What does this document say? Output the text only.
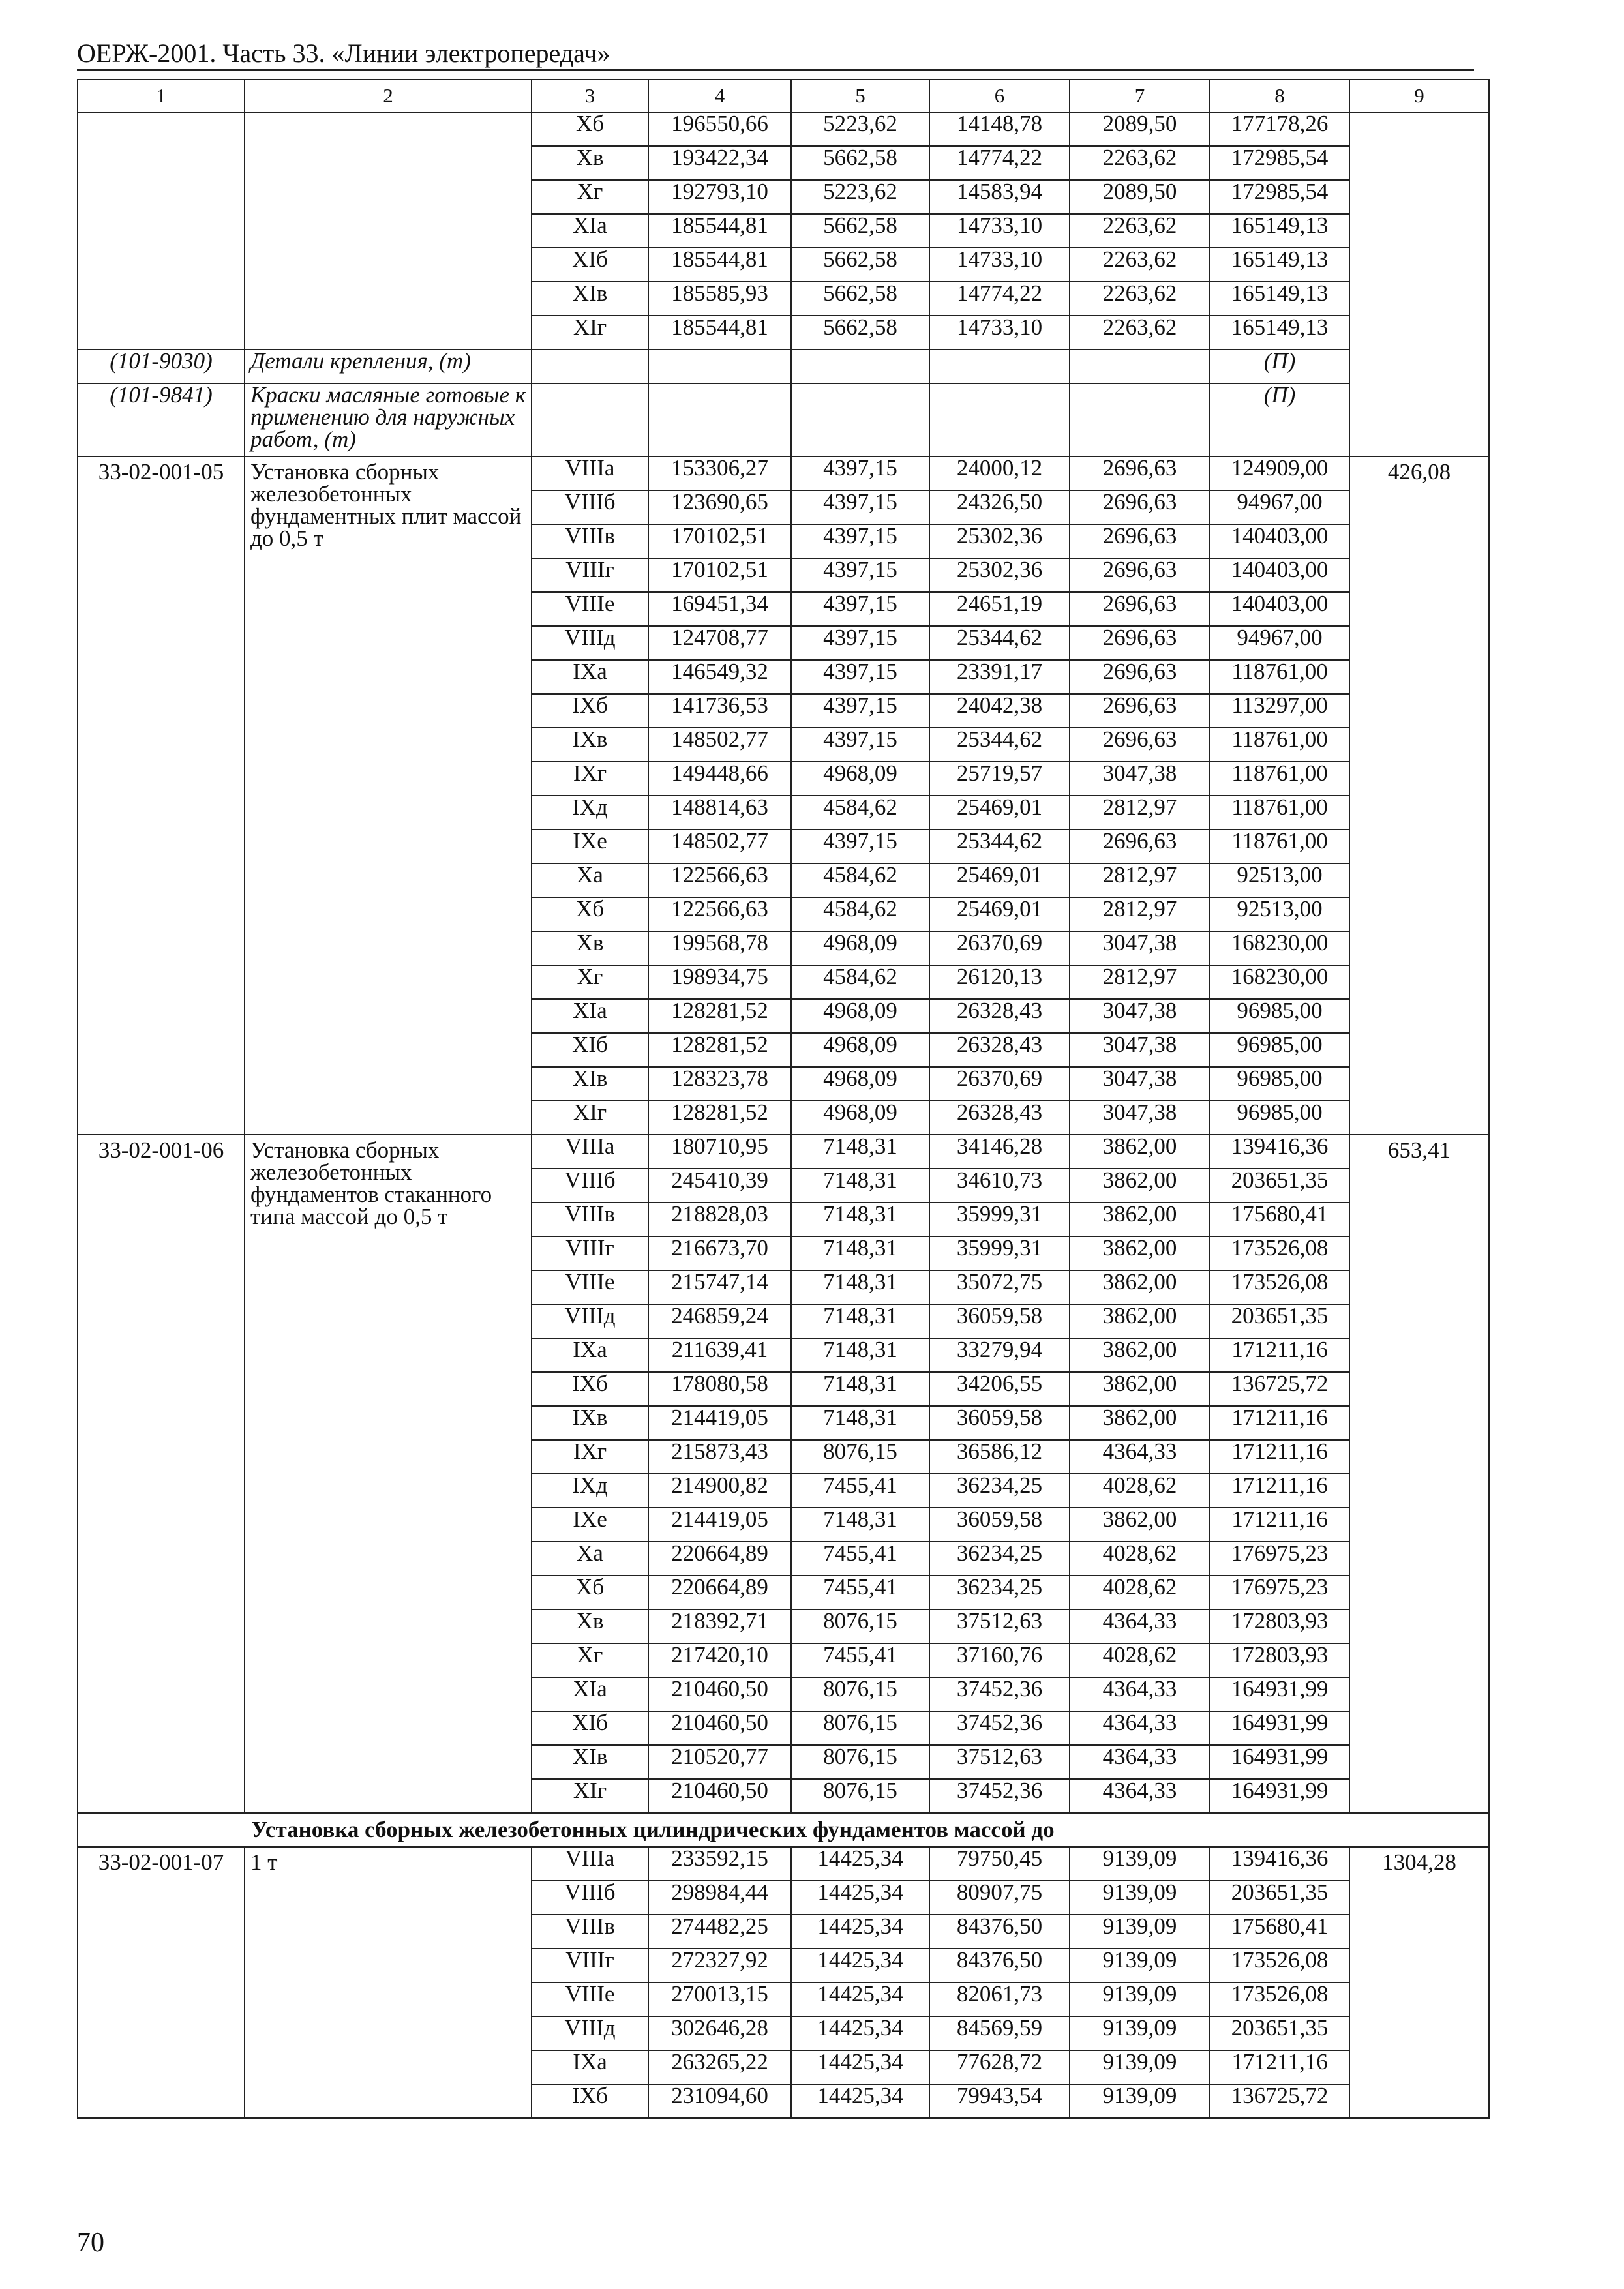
ОЕРЖ-2001. Часть 33. «Линии электропередач»
1	2	3	4	5	6	7	8	9
		Xб	196550,66	5223,62	14148,78	2089,50	177178,26	
		Xв	193422,34	5662,58	14774,22	2263,62	172985,54	
		Xг	192793,10	5223,62	14583,94	2089,50	172985,54	
		XIа	185544,81	5662,58	14733,10	2263,62	165149,13	
		XIб	185544,81	5662,58	14733,10	2263,62	165149,13	
		XIв	185585,93	5662,58	14774,22	2263,62	165149,13	
		XIг	185544,81	5662,58	14733,10	2263,62	165149,13	
(101-9030)	Детали крепления, (т)						(П)	
(101-9841)	Краски масляные готовые к применению для наружных работ, (т)						(П)	
33-02-001-05	Установка сборных железобетонных фундаментных плит массой до 0,5 т	VIIIа	153306,27	4397,15	24000,12	2696,63	124909,00	426,08
		VIIIб	123690,65	4397,15	24326,50	2696,63	94967,00	
		VIIIв	170102,51	4397,15	25302,36	2696,63	140403,00	
		VIIIг	170102,51	4397,15	25302,36	2696,63	140403,00	
		VIIIе	169451,34	4397,15	24651,19	2696,63	140403,00	
		VIIIд	124708,77	4397,15	25344,62	2696,63	94967,00	
		IXа	146549,32	4397,15	23391,17	2696,63	118761,00	
		IXб	141736,53	4397,15	24042,38	2696,63	113297,00	
		IXв	148502,77	4397,15	25344,62	2696,63	118761,00	
		IXг	149448,66	4968,09	25719,57	3047,38	118761,00	
		IXд	148814,63	4584,62	25469,01	2812,97	118761,00	
		IXе	148502,77	4397,15	25344,62	2696,63	118761,00	
		Xа	122566,63	4584,62	25469,01	2812,97	92513,00	
		Xб	122566,63	4584,62	25469,01	2812,97	92513,00	
		Xв	199568,78	4968,09	26370,69	3047,38	168230,00	
		Xг	198934,75	4584,62	26120,13	2812,97	168230,00	
		XIа	128281,52	4968,09	26328,43	3047,38	96985,00	
		XIб	128281,52	4968,09	26328,43	3047,38	96985,00	
		XIв	128323,78	4968,09	26370,69	3047,38	96985,00	
		XIг	128281,52	4968,09	26328,43	3047,38	96985,00	
33-02-001-06	Установка сборных железобетонных фундаментов стаканного типа массой до 0,5 т	VIIIа	180710,95	7148,31	34146,28	3862,00	139416,36	653,41
		VIIIб	245410,39	7148,31	34610,73	3862,00	203651,35	
		VIIIв	218828,03	7148,31	35999,31	3862,00	175680,41	
		VIIIг	216673,70	7148,31	35999,31	3862,00	173526,08	
		VIIIе	215747,14	7148,31	35072,75	3862,00	173526,08	
		VIIIд	246859,24	7148,31	36059,58	3862,00	203651,35	
		IXа	211639,41	7148,31	33279,94	3862,00	171211,16	
		IXб	178080,58	7148,31	34206,55	3862,00	136725,72	
		IXв	214419,05	7148,31	36059,58	3862,00	171211,16	
		IXг	215873,43	8076,15	36586,12	4364,33	171211,16	
		IXд	214900,82	7455,41	36234,25	4028,62	171211,16	
		IXе	214419,05	7148,31	36059,58	3862,00	171211,16	
		Xа	220664,89	7455,41	36234,25	4028,62	176975,23	
		Xб	220664,89	7455,41	36234,25	4028,62	176975,23	
		Xв	218392,71	8076,15	37512,63	4364,33	172803,93	
		Xг	217420,10	7455,41	37160,76	4028,62	172803,93	
		XIа	210460,50	8076,15	37452,36	4364,33	164931,99	
		XIб	210460,50	8076,15	37452,36	4364,33	164931,99	
		XIв	210520,77	8076,15	37512,63	4364,33	164931,99	
		XIг	210460,50	8076,15	37452,36	4364,33	164931,99	
Установка сборных железобетонных цилиндрических фундаментов массой до								
33-02-001-07	1 т	VIIIа	233592,15	14425,34	79750,45	9139,09	139416,36	1304,28
		VIIIб	298984,44	14425,34	80907,75	9139,09	203651,35	
		VIIIв	274482,25	14425,34	84376,50	9139,09	175680,41	
		VIIIг	272327,92	14425,34	84376,50	9139,09	173526,08	
		VIIIе	270013,15	14425,34	82061,73	9139,09	173526,08	
		VIIIд	302646,28	14425,34	84569,59	9139,09	203651,35	
		IXа	263265,22	14425,34	77628,72	9139,09	171211,16	
		IXб	231094,60	14425,34	79943,54	9139,09	136725,72	
70
